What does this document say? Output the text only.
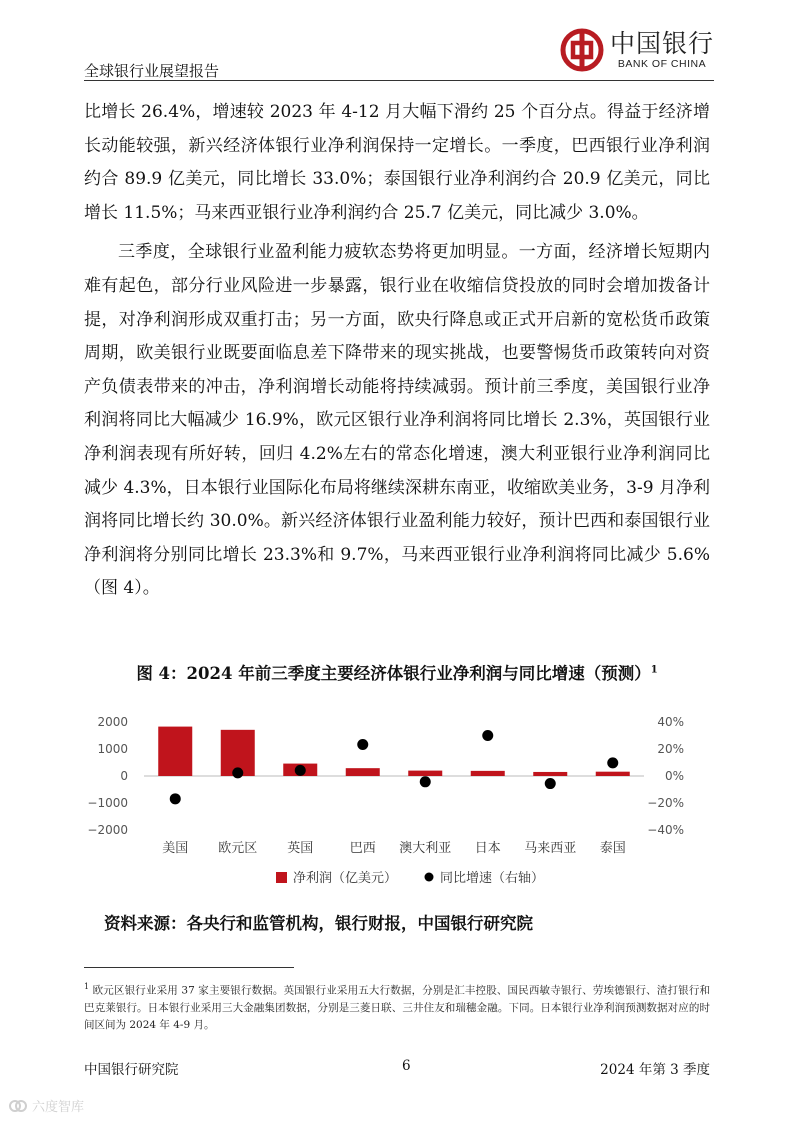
全球银行业展望报告
中国银行
BANK OF CHINA

比增长 26.4%，增速较 2023 年 4-12 月大幅下滑约 25 个百分点。得益于经济增长动能较强，新兴经济体银行业净利润保持一定增长。一季度，巴西银行业净利润约合 89.9 亿美元，同比增长 33.0%；泰国银行业净利润约合 20.9 亿美元，同比增长 11.5%；马来西亚银行业净利润约合 25.7 亿美元，同比减少 3.0%。

三季度，全球银行业盈利能力疲软态势将更加明显。一方面，经济增长短期内难有起色，部分行业风险进一步暴露，银行业在收缩信贷投放的同时会增加拨备计提，对净利润形成双重打击；另一方面，欧央行降息或正式开启新的宽松货币政策周期，欧美银行业既要面临息差下降带来的现实挑战，也要警惕货币政策转向对资产负债表带来的冲击，净利润增长动能将持续减弱。预计前三季度，美国银行业净利润将同比大幅减少 16.9%，欧元区银行业净利润将同比增长 2.3%，英国银行业净利润表现有所好转，回归 4.2%左右的常态化增速，澳大利亚银行业净利润同比减少 4.3%，日本银行业国际化布局将继续深耕东南亚，收缩欧美业务，3-9 月净利润将同比增长约 30.0%。新兴经济体银行业盈利能力较好，预计巴西和泰国银行业净利润将分别同比增长 23.3%和 9.7%，马来西亚银行业净利润将同比减少 5.6%（图 4）。

图 4：2024 年前三季度主要经济体银行业净利润与同比增速（预测）$^1$
2000
1000
0
−1000
−2000
40%
20%
0%
−20%
−40%
美国 欧元区 英国	巴西 澳大利亚 日本 马来西亚 泰国
净利润（亿美元）	同比增速（右轴）
资料来源：各央行和监管机构，银行财报，中国银行研究院
$^1$ 欧元区银行业采用 37 家主要银行数据。英国银行业采用五大行数据，分别是汇丰控股、国民西敏寺银行、劳埃德银行、渣打银行和巴克莱银行。日本银行业采用三大金融集团数据，分别是三菱日联、三井住友和瑞穗金融。下同。日本银行业净利润预测数据对应的时间区间为 2024 年 4-9 月。
中国银行研究院	6	2024 年第 3 季度
六度智库
